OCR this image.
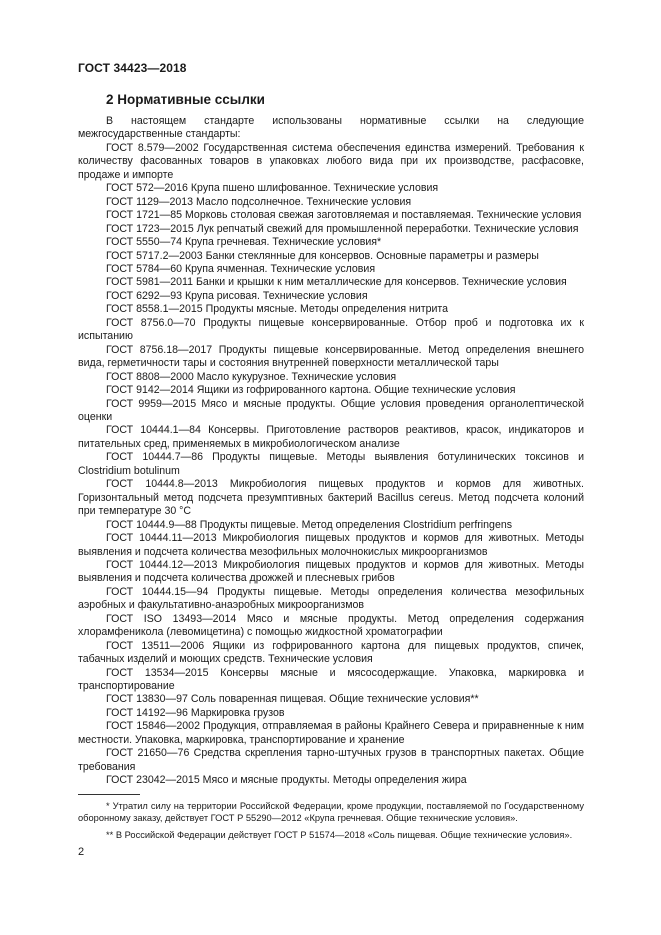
ГОСТ 34423—2018
2 Нормативные ссылки

В настоящем стандарте использованы нормативные ссылки на следующие межгосударственные стандарты:

ГОСТ 8.579—2002 Государственная система обеспечения единства измерений. Требования к количеству фасованных товаров в упаковках любого вида при их производстве, расфасовке, продаже и импорте

ГОСТ 572—2016 Крупа пшено шлифованное. Технические условия

ГОСТ 1129—2013 Масло подсолнечное. Технические условия

ГОСТ 1721—85 Морковь столовая свежая заготовляемая и поставляемая. Технические условия

ГОСТ 1723—2015 Лук репчатый свежий для промышленной переработки. Технические условия

ГОСТ 5550—74 Крупа гречневая. Технические условия*

ГОСТ 5717.2—2003 Банки стеклянные для консервов. Основные параметры и размеры

ГОСТ 5784—60 Крупа ячменная. Технические условия

ГОСТ 5981—2011 Банки и крышки к ним металлические для консервов. Технические условия

ГОСТ 6292—93 Крупа рисовая. Технические условия

ГОСТ 8558.1—2015 Продукты мясные. Методы определения нитрита

ГОСТ 8756.0—70 Продукты пищевые консервированные. Отбор проб и подготовка их к испытанию

ГОСТ 8756.18—2017 Продукты пищевые консервированные. Метод определения внешнего вида, герметичности тары и состояния внутренней поверхности металлической тары

ГОСТ 8808—2000 Масло кукурузное. Технические условия

ГОСТ 9142—2014 Ящики из гофрированного картона. Общие технические условия

ГОСТ 9959—2015 Мясо и мясные продукты. Общие условия проведения органолептической оценки

ГОСТ 10444.1—84 Консервы. Приготовление растворов реактивов, красок, индикаторов и питательных сред, применяемых в микробиологическом анализе

ГОСТ 10444.7—86 Продукты пищевые. Методы выявления ботулинических токсинов и Clostridium botulinum

ГОСТ 10444.8—2013 Микробиология пищевых продуктов и кормов для животных. Горизонтальный метод подсчета презумптивных бактерий Bacillus cereus. Метод подсчета колоний при температуре 30 °С

ГОСТ 10444.9—88 Продукты пищевые. Метод определения Clostridium perfringens

ГОСТ 10444.11—2013 Микробиология пищевых продуктов и кормов для животных. Методы выявления и подсчета количества мезофильных молочнокислых микроорганизмов

ГОСТ 10444.12—2013 Микробиология пищевых продуктов и кормов для животных. Методы выявления и подсчета количества дрожжей и плесневых грибов

ГОСТ 10444.15—94 Продукты пищевые. Методы определения количества мезофильных аэробных и факультативно-анаэробных микроорганизмов

ГОСТ ISO 13493—2014 Мясо и мясные продукты. Метод определения содержания хлорамфеникола (левомицетина) с помощью жидкостной хроматографии

ГОСТ 13511—2006 Ящики из гофрированного картона для пищевых продуктов, спичек, табачных изделий и моющих средств. Технические условия

ГОСТ 13534—2015 Консервы мясные и мясосодержащие. Упаковка, маркировка и транспортирование

ГОСТ 13830—97 Соль поваренная пищевая. Общие технические условия**

ГОСТ 14192—96 Маркировка грузов

ГОСТ 15846—2002 Продукция, отправляемая в районы Крайнего Севера и приравненные к ним местности. Упаковка, маркировка, транспортирование и хранение

ГОСТ 21650—76 Средства скрепления тарно-штучных грузов в транспортных пакетах. Общие требования

ГОСТ 23042—2015 Мясо и мясные продукты. Методы определения жира

* Утратил силу на территории Российской Федерации, кроме продукции, поставляемой по Государственному оборонному заказу, действует ГОСТ Р 55290—2012 «Крупа гречневая. Общие технические условия».
** В Российской Федерации действует ГОСТ Р 51574—2018 «Соль пищевая. Общие технические условия».
2
